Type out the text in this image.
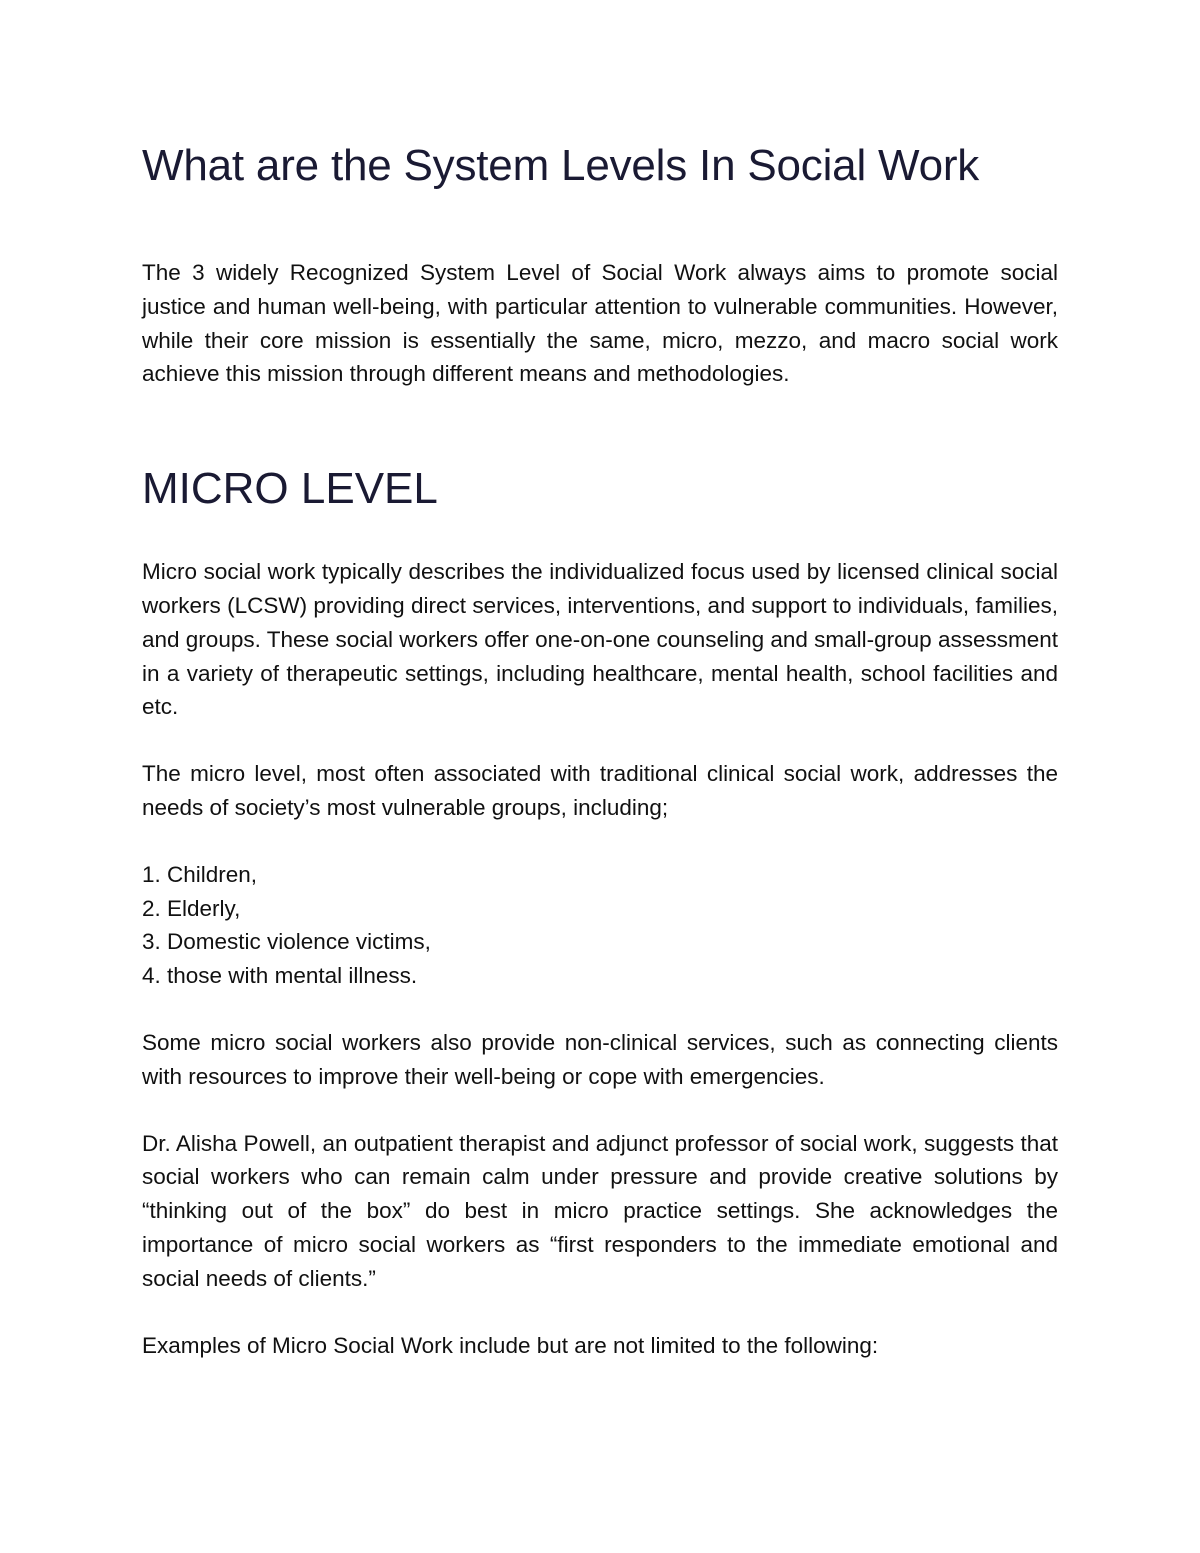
What are the System Levels In Social Work

The 3 widely Recognized System Level of Social Work always aims to promote social justice and human well-being, with particular attention to vulnerable communities. However, while their core mission is essentially the same, micro, mezzo, and macro social work achieve this mission through different means and methodologies.

MICRO LEVEL

Micro social work typically describes the individualized focus used by licensed clinical social workers (LCSW) providing direct services, interventions, and support to individuals, families, and groups. These social workers offer one-on-one counseling and small-group assessment in a variety of therapeutic settings, including healthcare, mental health, school facilities and etc.

The micro level, most often associated with traditional clinical social work, addresses the needs of society’s most vulnerable groups, including;

1. Children,
2. Elderly,
3. Domestic violence victims,
4. those with mental illness.

Some micro social workers also provide non-clinical services, such as connecting clients with resources to improve their well-being or cope with emergencies.

Dr. Alisha Powell, an outpatient therapist and adjunct professor of social work, suggests that social workers who can remain calm under pressure and provide creative solutions by “thinking out of the box” do best in micro practice settings. She acknowledges the importance of micro social workers as “first responders to the immediate emotional and social needs of clients.”

Examples of Micro Social Work include but are not limited to the following:
